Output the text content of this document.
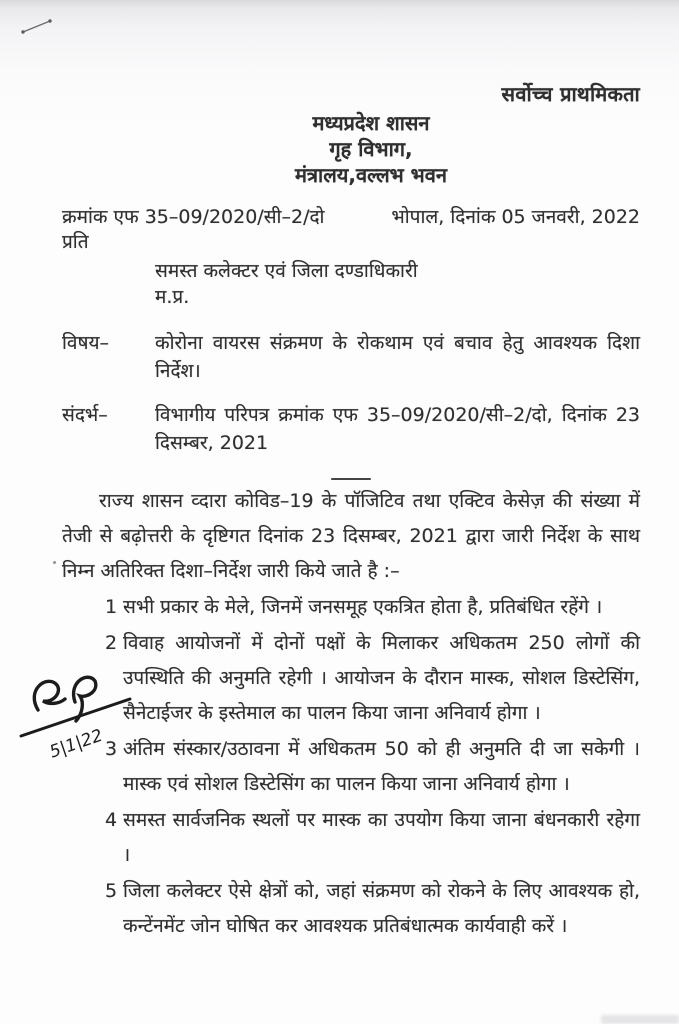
सर्वोच्च प्राथमिकता
मध्यप्रदेश शासन
गृह विभाग,
मंत्रालय,वल्लभ भवन
क्रमांक एफ 35–09/2020/सी–2/दो	भोपाल, दिनांक 05 जनवरी, 2022
प्रति
समस्त कलेक्टर एवं जिला दण्डाधिकारी
म.प्र.
विषय–	कोरोना वायरस संक्रमण के रोकथाम एवं बचाव हेतु आवश्यक दिशा निर्देश।
संदर्भ–	विभागीय परिपत्र क्रमांक एफ 35–09/2020/सी–2/दो, दिनांक 23 दिसम्बर, 2021

राज्य शासन व्दारा कोविड–19 के पॉजिटिव तथा एक्टिव केसेज़ की संख्या में तेजी से बढ़ोत्तरी के दृष्टिगत दिनांक 23 दिसम्बर, 2021 द्वारा जारी निर्देश के साथ निम्न अतिरिक्त दिशा–निर्देश जारी किये जाते है :–

1 सभी प्रकार के मेले, जिनमें जनसमूह एकत्रित होता है, प्रतिबंधित रहेंगे ।
2 विवाह आयोजनों में दोनों पक्षों के मिलाकर अधिकतम 250 लोगों की उपस्थिति की अनुमति रहेगी । आयोजन के दौरान मास्क, सोशल डिस्टेसिंग, सैनेटाईजर के इस्तेमाल का पालन किया जाना अनिवार्य होगा ।
3 अंतिम संस्कार/उठावना में अधिकतम 50 को ही अनुमति दी जा सकेगी । मास्क एवं सोशल डिस्टेसिंग का पालन किया जाना अनिवार्य होगा ।
4 समस्त सार्वजनिक स्थलों पर मास्क का उपयोग किया जाना बंधनकारी रहेगा ।
5 जिला कलेक्टर ऐसे क्षेत्रों को, जहां संक्रमण को रोकने के लिए आवश्यक हो, कन्टेंनमेंट जोन घोषित कर आवश्यक प्रतिबंधात्मक कार्यवाही करें ।
5|1|22
